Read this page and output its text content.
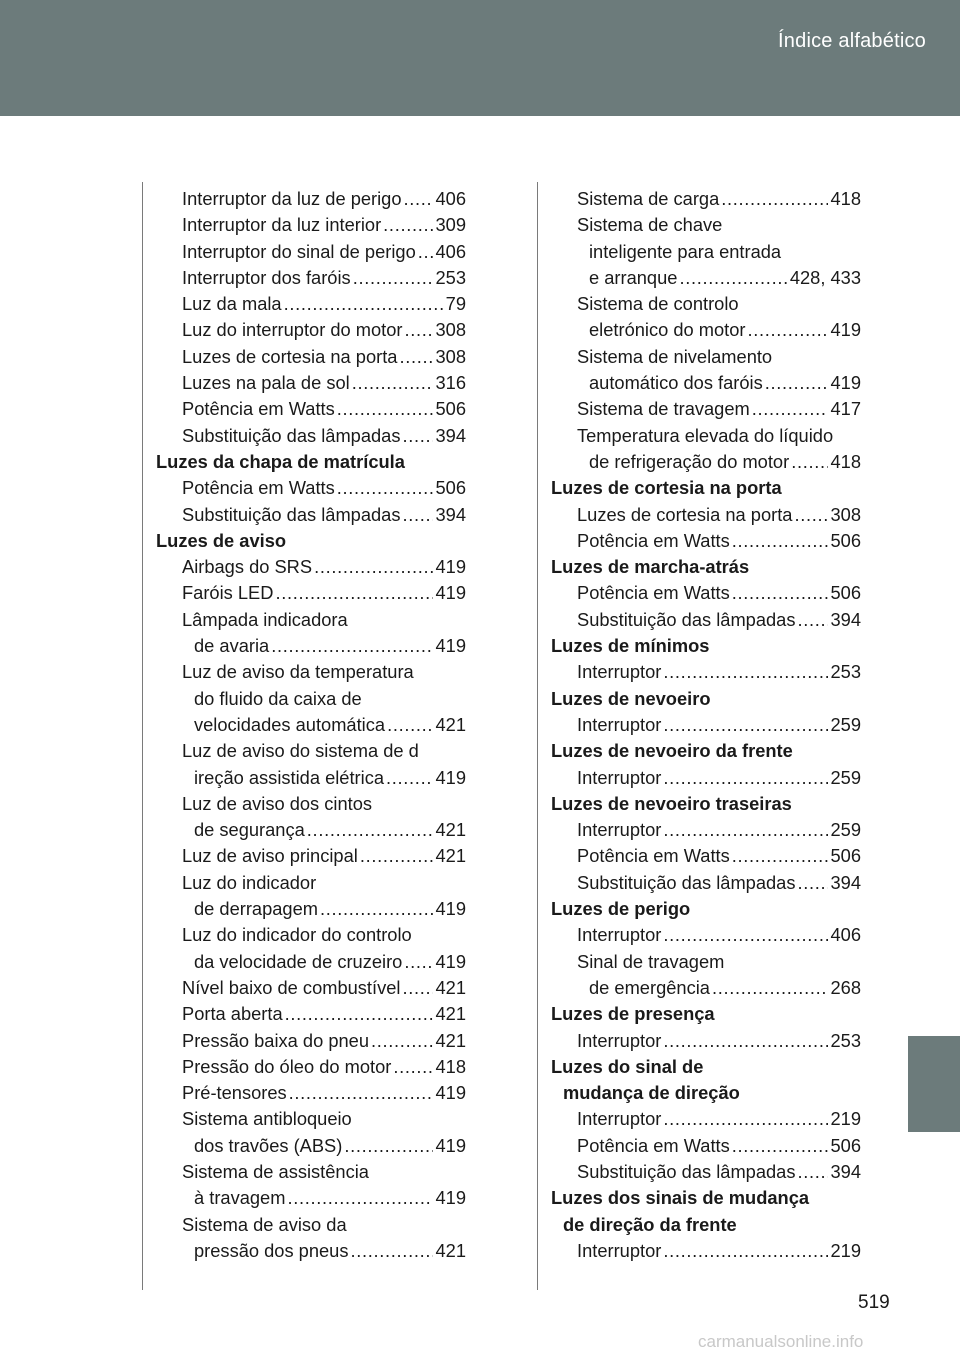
Índice alfabético
Interruptor da luz de perigo . . . 406
Interruptor da luz interior . . .	309
Interruptor do sinal de perigo . . . 406
Interruptor dos faróis . . .	253
Luz da mala . . .	79
Luz do interruptor do motor . . . 308
Luzes de cortesia na porta . . . 308
Luzes na pala de sol . . .	316
Potência em Watts . . .	506
Substituição das lâmpadas . . . 394
Luzes da chapa de matrícula
Potência em Watts . . .	506
Substituição das lâmpadas . . . 394
Luzes de aviso
Airbags do SRS . . .	419
Faróis LED . . .	419
Lâmpada indicadora
de avaria . . .	419
Luz de aviso da temperatura
do fluido da caixa de
velocidades automática . . .	421
Luz de aviso do sistema de d
ireção assistida elétrica . . .	419
Luz de aviso dos cintos
de segurança . . .	421
Luz de aviso principal . . .	421
Luz do indicador
de derrapagem . . .	419
Luz do indicador do controlo
da velocidade de cruzeiro . . . 419
Nível baixo de combustível . . . 421
Porta aberta . . .	421
Pressão baixa do pneu . . .	421
Pressão do óleo do motor . . . 418
Pré-tensores . . .	419
Sistema antibloqueio
dos travões (ABS) . . .	419
Sistema de assistência
à travagem . . .	419
Sistema de aviso da
pressão dos pneus . . .	421
Sistema de carga . . .	418
Sistema de chave
inteligente para entrada
e arranque . . .	428, 433
Sistema de controlo
eletrónico do motor . . .	419
Sistema de nivelamento
automático dos faróis . . .	419
Sistema de travagem . . .	417
Temperatura elevada do líquido
de refrigeração do motor . . . 418
Luzes de cortesia na porta
Luzes de cortesia na porta . . . 308
Potência em Watts . . .	506
Luzes de marcha-atrás
Potência em Watts . . .	506
Substituição das lâmpadas . . . 394
Luzes de mínimos
Interruptor . . .	253
Luzes de nevoeiro
Interruptor . . .	259
Luzes de nevoeiro da frente
Interruptor . . .	259
Luzes de nevoeiro traseiras
Interruptor . . .	259
Potência em Watts . . .	506
Substituição das lâmpadas . . . 394
Luzes de perigo
Interruptor . . .	406
Sinal de travagem
de emergência . . .	268
Luzes de presença
Interruptor . . .	253
Luzes do sinal de
mudança de direção
Interruptor . . .	219
Potência em Watts . . .	506
Substituição das lâmpadas . . . 394
Luzes dos sinais de mudança
de direção da frente
Interruptor . . .	219
519
carmanualsonline.info
